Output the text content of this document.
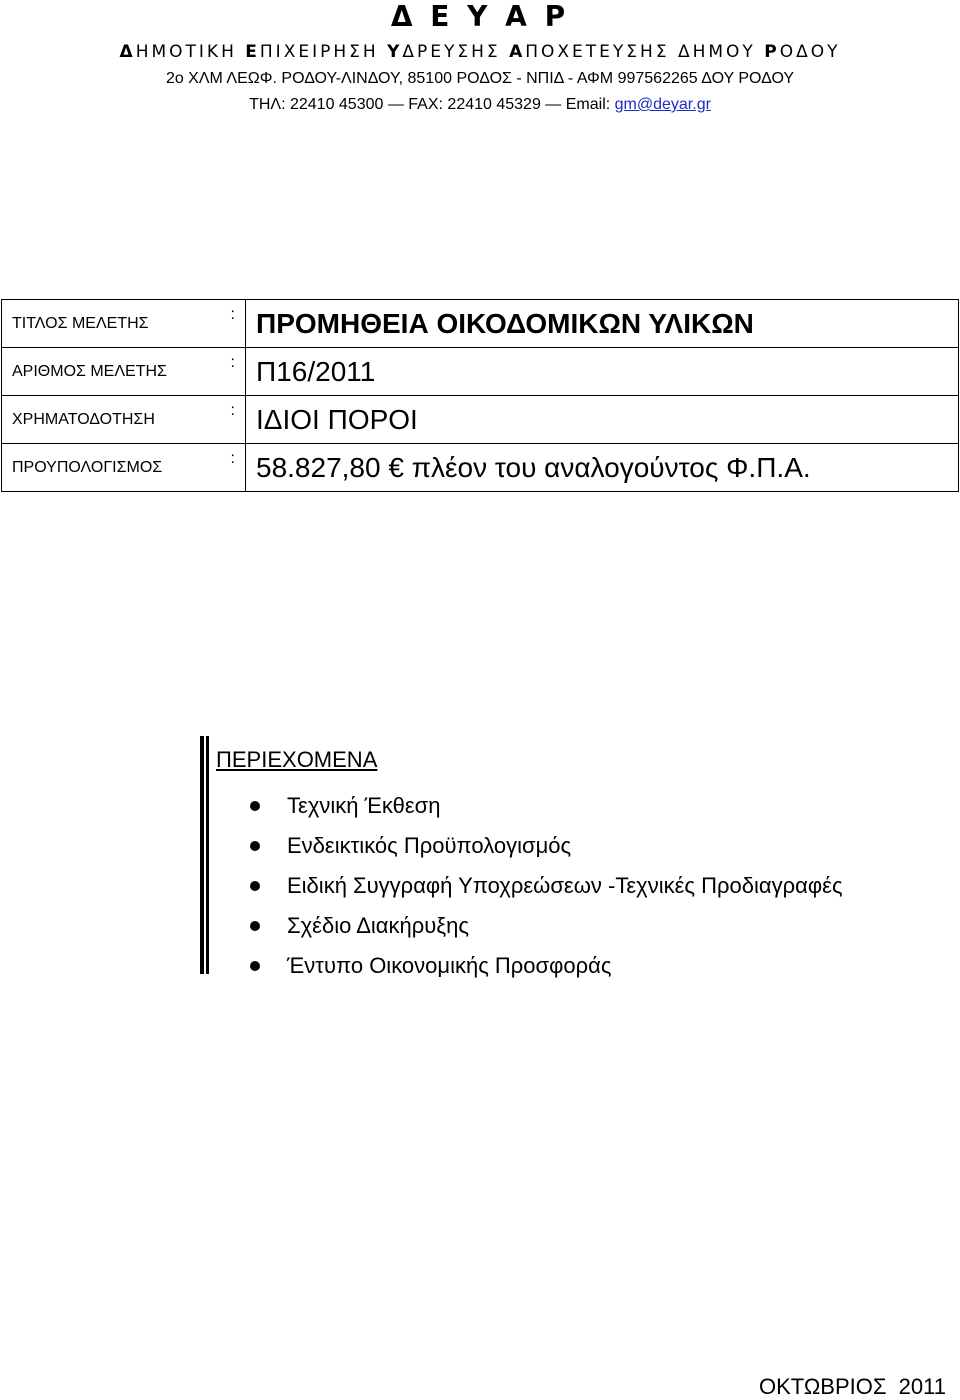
Δ Ε Υ Α Ρ
ΔΗΜΟΤΙΚΗ ΕΠΙΧΕΙΡΗΣΗ ΥΔΡΕΥΣΗΣ ΑΠΟΧΕΤΕΥΣΗΣ ΔΗΜΟΥ ΡΟΔΟΥ
2ο ΧΛΜ ΛΕΩΦ. ΡΟΔΟΥ-ΛΙΝΔΟΥ, 85100 ΡΟΔΟΣ - ΝΠΙΔ - ΑΦΜ 997562265 ΔΟΥ ΡΟΔΟΥ
ΤΗΛ: 22410 45300 — FAX: 22410 45329 — Email: gm@deyar.gr
ΤΙΤΛΟΣ ΜΕΛΕΤΗΣ :	ΠΡΟΜΗΘΕΙΑ ΟΙΚΟΔΟΜΙΚΩΝ ΥΛΙΚΩΝ
ΑΡΙΘΜΟΣ ΜΕΛΕΤΗΣ :	Π16/2011
ΧΡΗΜΑΤΟΔΟΤΗΣΗ :	ΙΔΙΟΙ ΠΟΡΟΙ
ΠΡΟΥΠΟΛΟΓΙΣΜΟΣ :	58.827,80 € πλέον του αναλογούντος Φ.Π.Α.
ΠΕΡΙΕΧΟΜΕΝΑ
Τεχνική Έκθεση
Ενδεικτικός Προϋπολογισμός
Ειδική Συγγραφή Υποχρεώσεων -Τεχνικές Προδιαγραφές
Σχέδιο Διακήρυξης
Έντυπο Οικονομικής Προσφοράς
ΟΚΤΩΒΡΙΟΣ  2011
